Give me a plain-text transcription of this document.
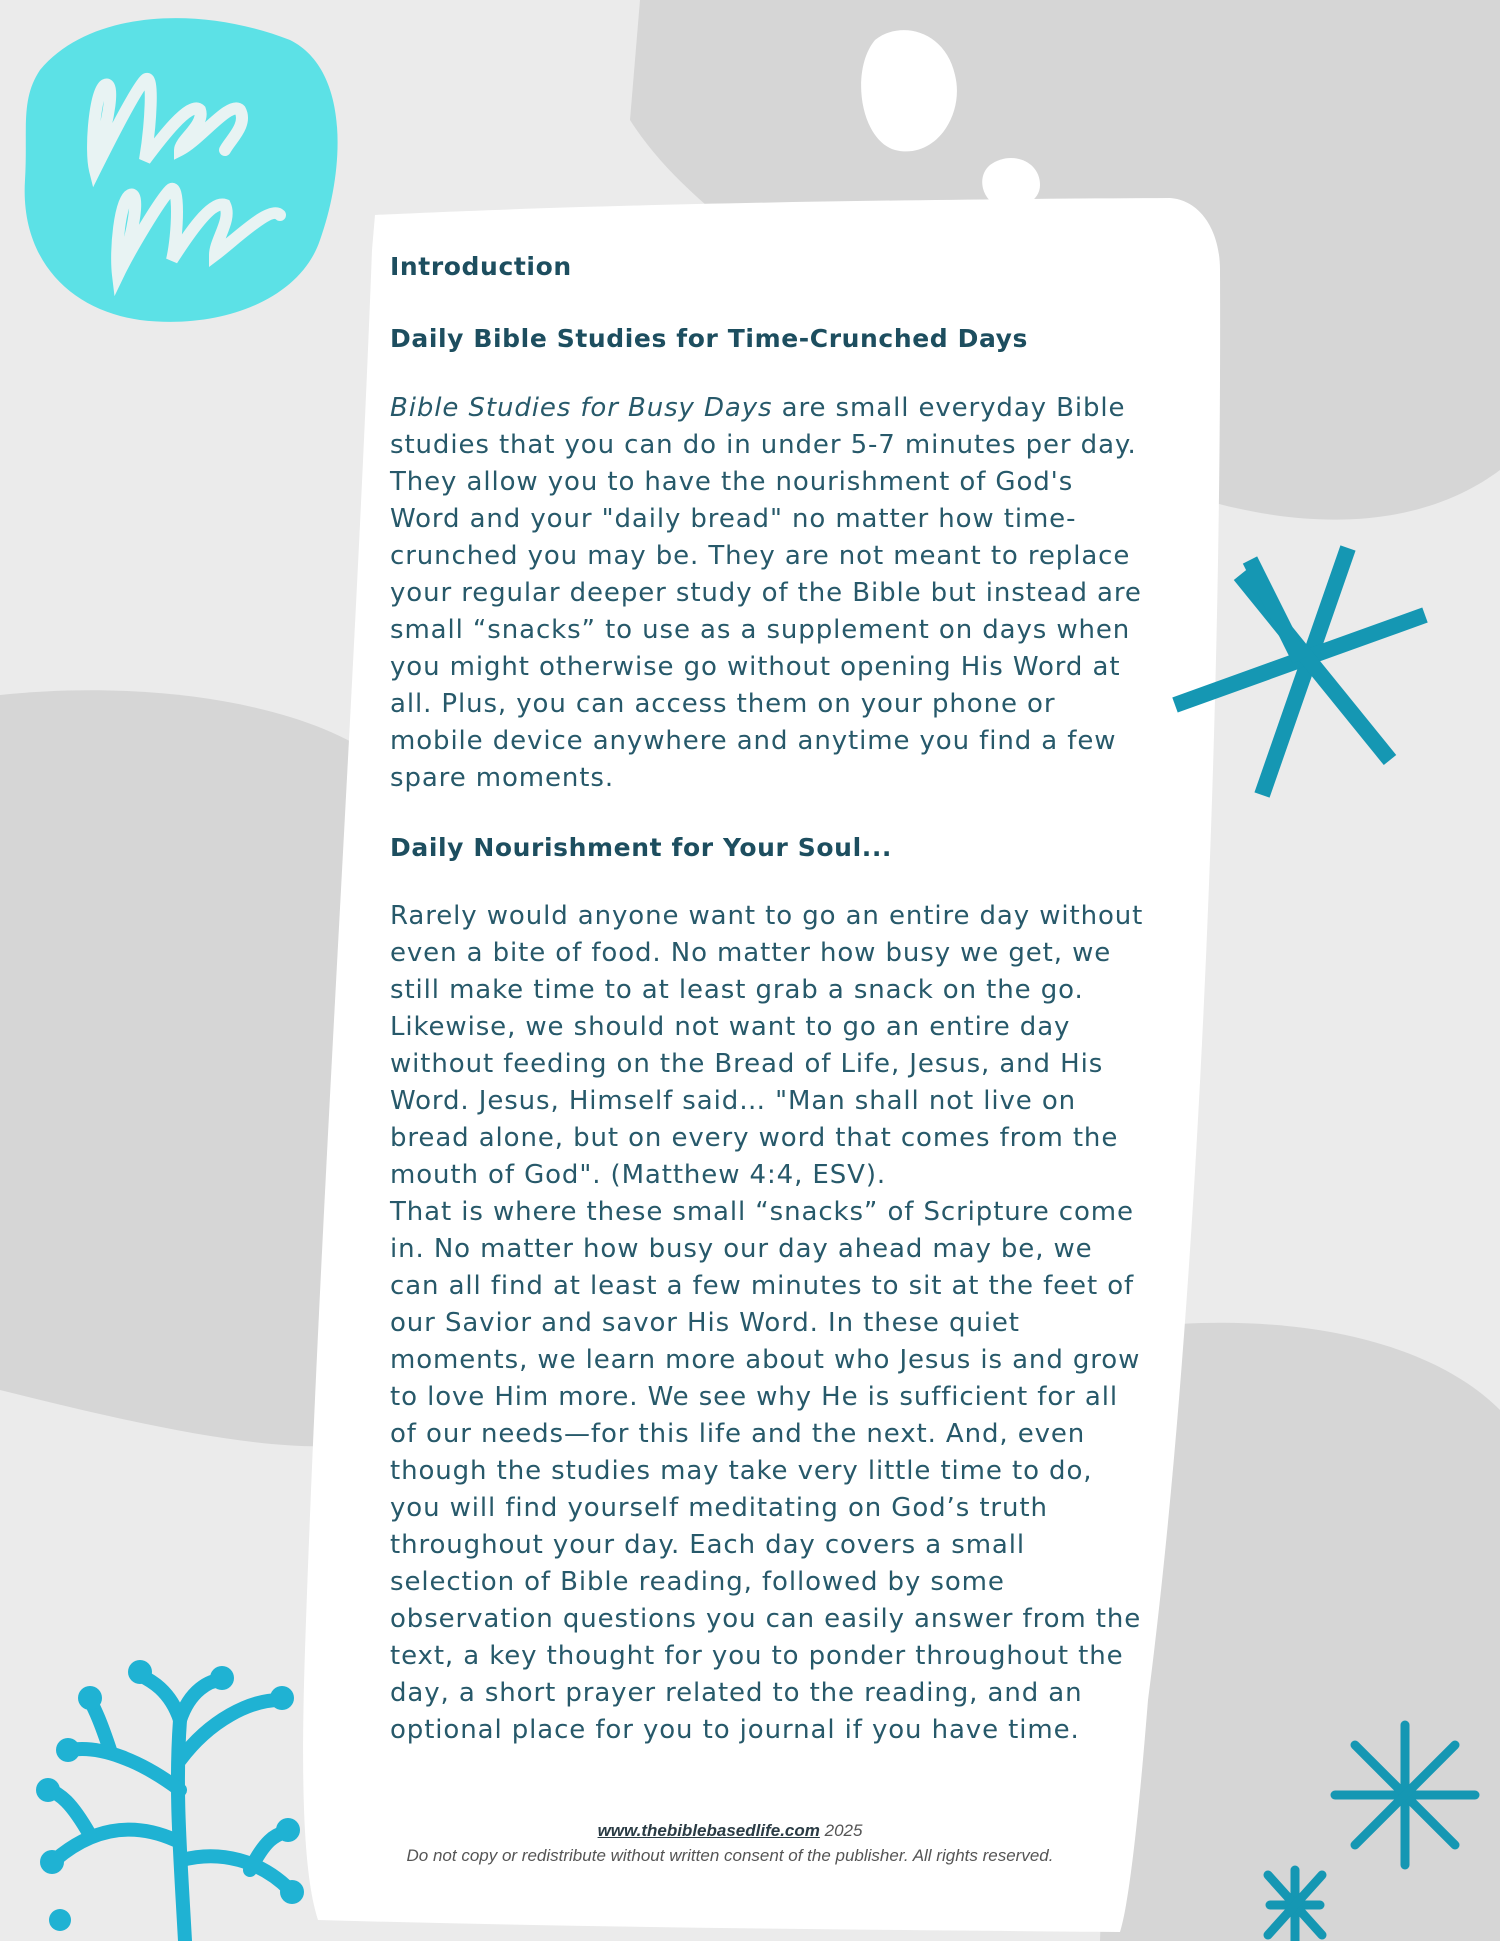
Introduction
Daily Bible Studies for Time-Crunched Days

Bible Studies for Busy Days are small everyday Bible studies that you can do in under 5-7 minutes per day. They allow you to have the nourishment of God's Word and your "daily bread" no matter how time-crunched you may be. They are not meant to replace your regular deeper study of the Bible but instead are small “snacks” to use as a supplement on days when you might otherwise go without opening His Word at all. Plus, you can access them on your phone or mobile device anywhere and anytime you find a few spare moments.

Daily Nourishment for Your Soul...

Rarely would anyone want to go an entire day without even a bite of food. No matter how busy we get, we still make time to at least grab a snack on the go. Likewise, we should not want to go an entire day without feeding on the Bread of Life, Jesus, and His Word. Jesus, Himself said… "Man shall not live on bread alone, but on every word that comes from the mouth of God". (Matthew 4:4, ESV).

That is where these small “snacks” of Scripture come in. No matter how busy our day ahead may be, we can all find at least a few minutes to sit at the feet of our Savior and savor His Word. In these quiet moments, we learn more about who Jesus is and grow to love Him more. We see why He is sufficient for all of our needs—for this life and the next. And, even though the studies may take very little time to do, you will find yourself meditating on God’s truth throughout your day. Each day covers a small selection of Bible reading, followed by some observation questions you can easily answer from the text, a key thought for you to ponder throughout the day, a short prayer related to the reading, and an optional place for you to journal if you have time.

www.thebiblebasedlife.com 2025
Do not copy or redistribute without written consent of the publisher. All rights reserved.
